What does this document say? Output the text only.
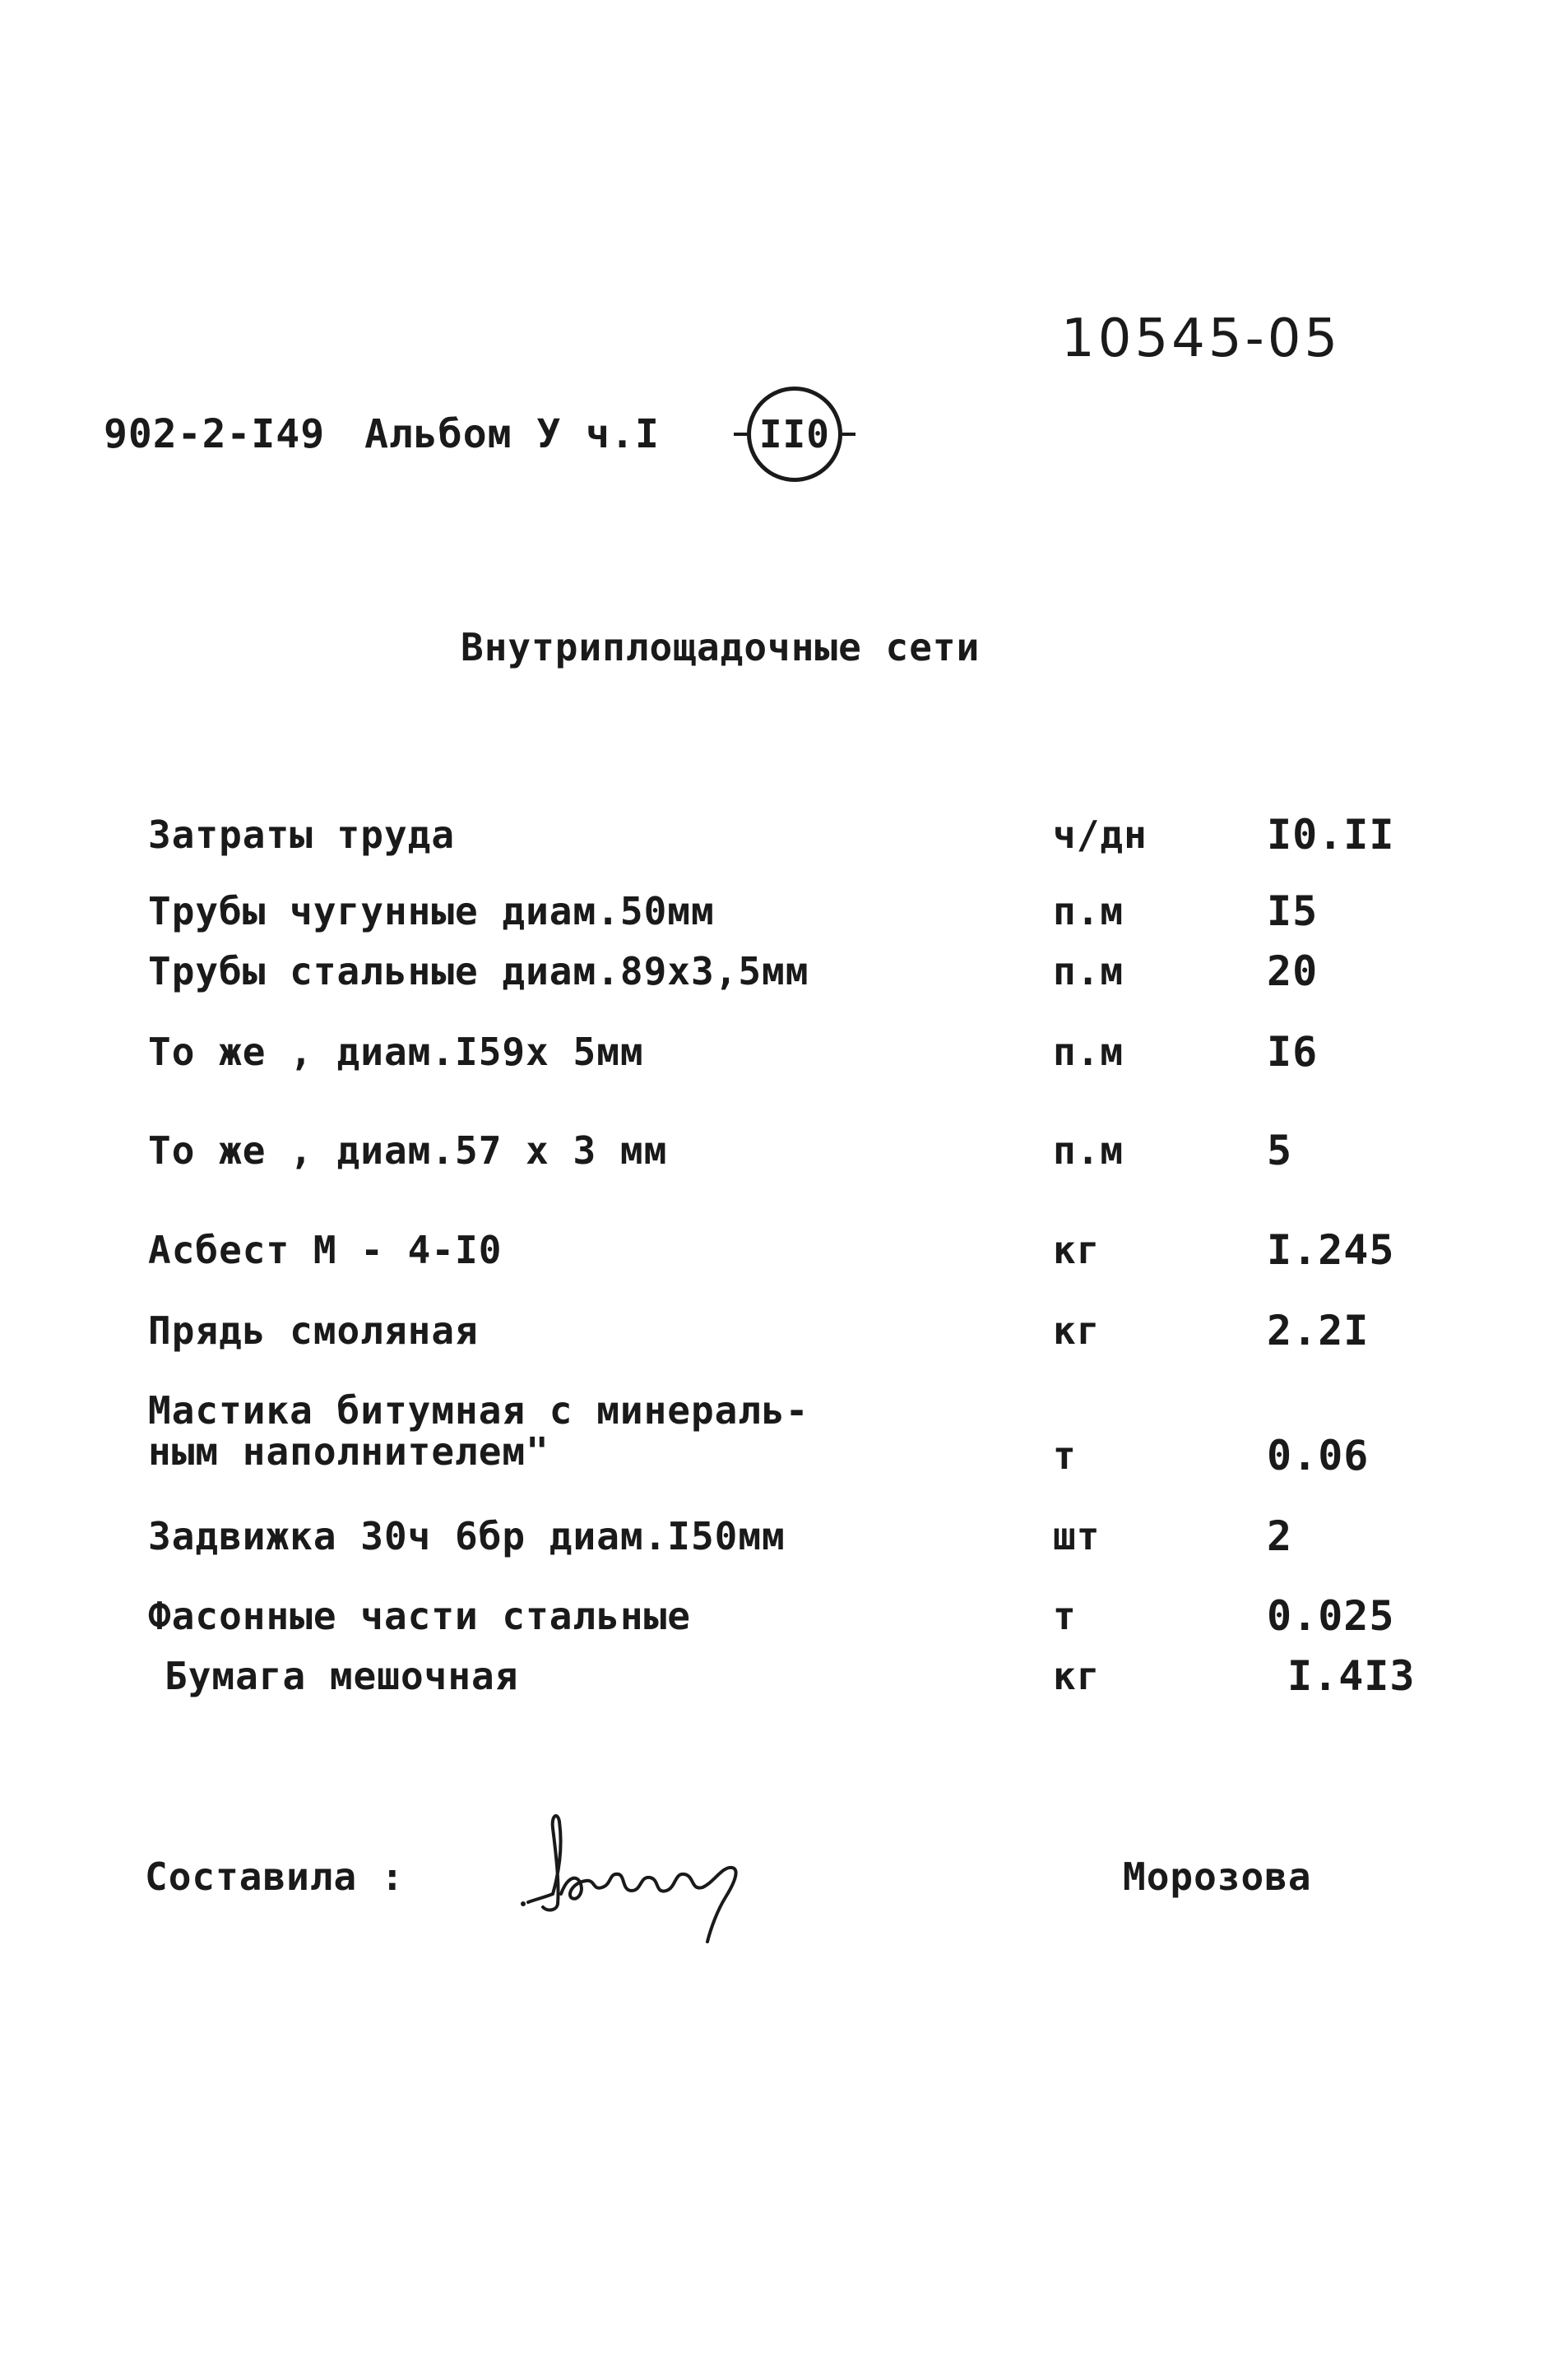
10545-05
902-2-I49 Альбом У ч.I	II0
Внутриплощадочные сети
Затраты труда	ч/дн	I0.II
Трубы чугунные диам.50мм	п.м	I5
Трубы стальные диам.89х3,5мм	п.м	20
То же , диам.I59х 5мм	п.м	I6
То же , диам.57 х 3 мм	п.м	5
Асбест М - 4-I0	кг	I.245
Прядь смоляная	кг	2.2I
Мастика битумная с минераль-
ным наполнителем"	т	0.06
Задвижка 30ч 6бр диам.I50мм	шт	2
Фасонные части стальные	т	0.025
Бумага мешочная	кг	I.4I3
Составила :	Морозова
